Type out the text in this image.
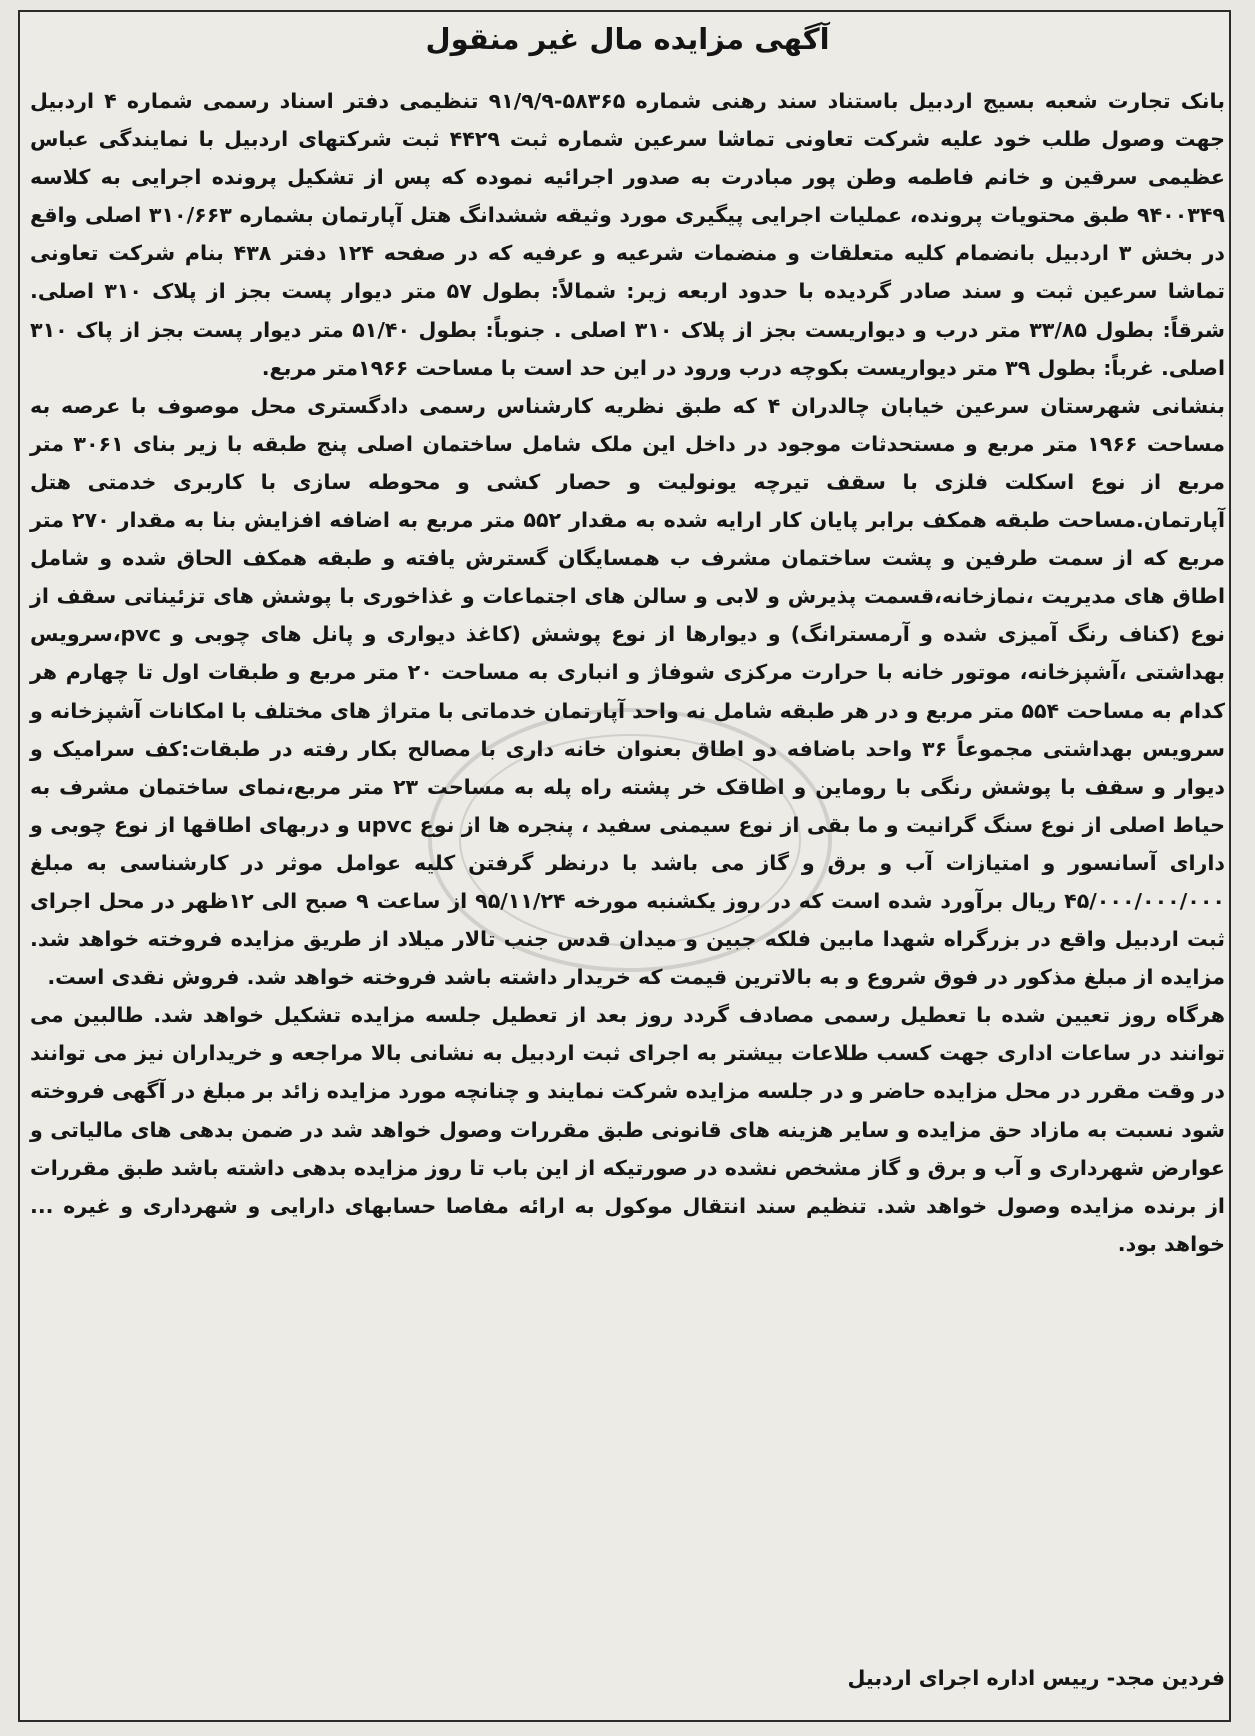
آگهی مزایده مال غیر منقول

بانک تجارت شعبه بسیج اردبیل باستناد سند رهنی شماره ۵۸۳۶۵-۹۱/۹/۹ تنظیمی دفتر اسناد رسمی شماره ۴ اردبیل جهت وصول طلب خود علیه شرکت تعاونی تماشا سرعین شماره ثبت ۴۴۲۹ ثبت شرکتهای اردبیل با نمایندگی عباس عظیمی سرقین و خانم فاطمه وطن پور مبادرت به صدور اجرائیه نموده که پس از تشکیل پرونده اجرایی به کلاسه ۹۴۰۰۳۴۹ طبق محتویات پرونده، عملیات اجرایی پیگیری مورد وثیقه ششدانگ هتل آپارتمان بشماره ۳۱۰/۶۶۳ اصلی واقع در بخش ۳ اردبیل بانضمام کلیه متعلقات و منضمات شرعیه و عرفیه که در صفحه ۱۲۴ دفتر ۴۳۸ بنام شرکت تعاونی تماشا سرعین ثبت و سند صادر گردیده با حدود اربعه زیر: شمالاً: بطول ۵۷ متر دیوار پست بجز از پلاک ۳۱۰ اصلی. شرقاً: بطول ۳۳/۸۵ متر درب و دیواریست بجز از پلاک ۳۱۰ اصلی . جنوباً: بطول ۵۱/۴۰ متر دیوار پست بجز از پاک ۳۱۰ اصلی. غرباً: بطول ۳۹ متر دیواریست بکوچه درب ورود در این حد است با مساحت ۱۹۶۶متر مربع.

بنشانی شهرستان سرعین خیابان چالدران ۴ که طبق نظریه کارشناس رسمی دادگستری محل موصوف با عرصه به مساحت ۱۹۶۶ متر مربع و مستحدثات موجود در داخل این ملک شامل ساختمان اصلی پنج طبقه با زیر بنای ۳۰۶۱ متر مربع از نوع اسکلت فلزی با سقف تیرچه یونولیت و حصار کشی و محوطه سازی با کاربری خدمتی هتل آپارتمان.مساحت طبقه همکف برابر پایان کار ارایه شده به مقدار ۵۵۲ متر مربع به اضافه افزایش بنا به مقدار ۲۷۰ متر مربع که از سمت طرفین و پشت ساختمان مشرف ب همسایگان گسترش یافته و طبقه همکف الحاق شده و شامل اطاق های مدیریت ،نمازخانه،قسمت پذیرش و لابی و سالن های اجتماعات و غذاخوری با پوشش های تزئیناتی سقف از نوع (کناف رنگ آمیزی شده و آرمسترانگ) و دیوارها از نوع پوشش (کاغذ دیواری و پانل های چوبی و pvc،سرویس بهداشتی ،آشپزخانه، موتور خانه با حرارت مرکزی شوفاژ و انباری به مساحت ۲۰ متر مربع و طبقات اول تا چهارم هر کدام به مساحت ۵۵۴ متر مربع و در هر طبقه شامل نه واحد آپارتمان خدماتی با متراژ های مختلف با امکانات آشپزخانه و سرویس بهداشتی مجموعاً ۳۶ واحد باضافه دو اطاق بعنوان خانه داری با مصالح بکار رفته در طبقات:کف سرامیک و دیوار و سقف با پوشش رنگی با روماین و اطاقک خر پشته راه پله به مساحت ۲۳ متر مربع،نمای ساختمان مشرف به حیاط اصلی از نوع سنگ گرانیت و ما بقی از نوع سیمنی سفید ، پنجره ها از نوع upvc و دربهای اطاقها از نوع چوبی و دارای آسانسور و امتیازات آب و برق و گاز می باشد با درنظر گرفتن کلیه عوامل موثر در کارشناسی به مبلغ ۴۵/۰۰۰/۰۰۰/۰۰۰ ریال برآورد شده است که در روز یکشنبه مورخه ۹۵/۱۱/۲۴ از ساعت ۹ صبح الی ۱۲ظهر در محل اجرای ثبت اردبیل واقع در بزرگراه شهدا مابین فلکه جبین و میدان قدس جنب تالار میلاد از طریق مزایده فروخته خواهد شد. مزایده از مبلغ مذکور در فوق شروع و به بالاترین قیمت که خریدار داشته باشد فروخته خواهد شد. فروش نقدی است.

هرگاه روز تعیین شده با تعطیل رسمی مصادف گردد روز بعد از تعطیل جلسه مزایده تشکیل خواهد شد. طالبین می توانند در ساعات اداری جهت کسب طلاعات بیشتر به اجرای ثبت اردبیل به نشانی بالا مراجعه و خریداران نیز می توانند در وقت مقرر در محل مزایده حاضر و در جلسه مزایده شرکت نمایند و چنانچه مورد مزایده زائد بر مبلغ در آگهی فروخته شود نسبت به مازاد حق مزایده و سایر هزینه های قانونی طبق مقررات وصول خواهد شد در ضمن بدهی های مالیاتی و عوارض شهرداری و آب و برق و گاز مشخص نشده در صورتیکه از این باب تا روز مزایده بدهی داشته باشد طبق مقررات از برنده مزایده وصول خواهد شد. تنظیم سند انتقال موکول به ارائه مفاصا حسابهای دارایی و شهرداری و غیره ... خواهد بود.

فردین مجد- رییس اداره اجرای اردبیل
